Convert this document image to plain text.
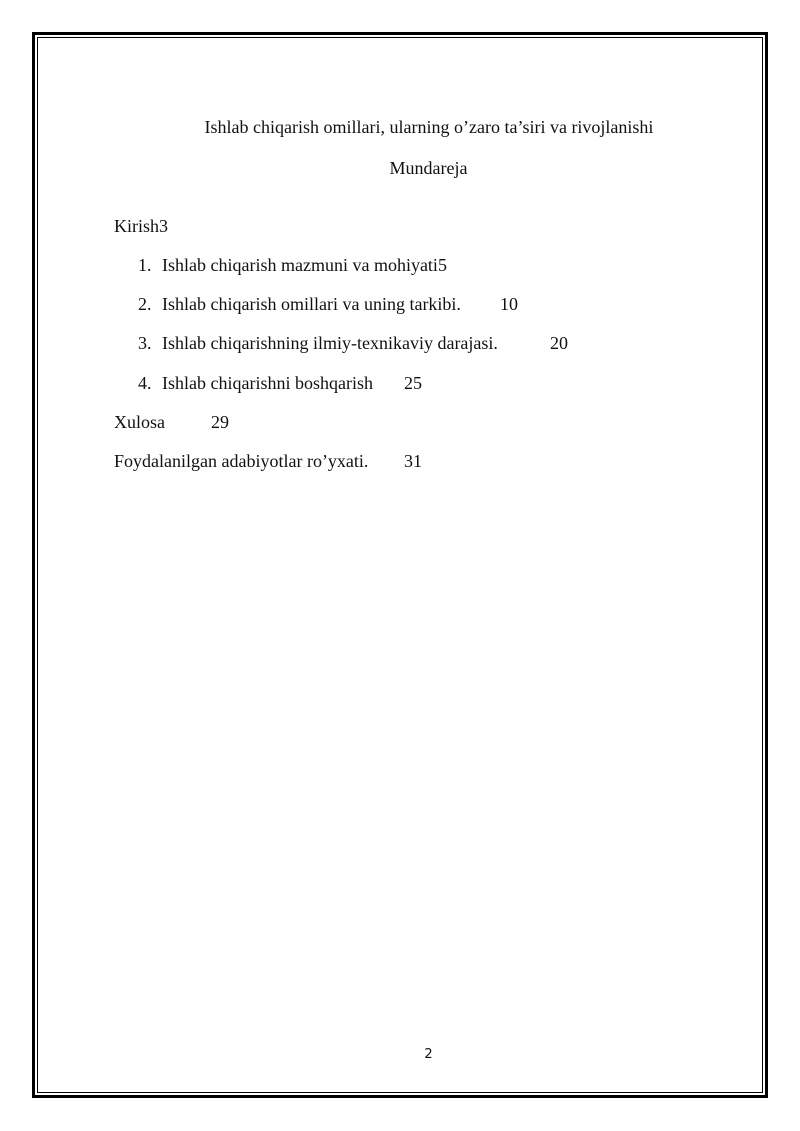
Ishlab chiqarish omillari, ularning o’zaro ta’siri va rivojlanishi
Mundareja
Kirish3
1. Ishlab chiqarish mazmuni va mohiyati5
2. Ishlab chiqarish omillari va uning tarkibi. 10
3. Ishlab chiqarishning ilmiy-texnikaviy darajasi.	20
4. Ishlab chiqarishni boshqarish 25
Xulosa	29
Foydalanilgan adabiyotlar ro’yxati. 31
2
